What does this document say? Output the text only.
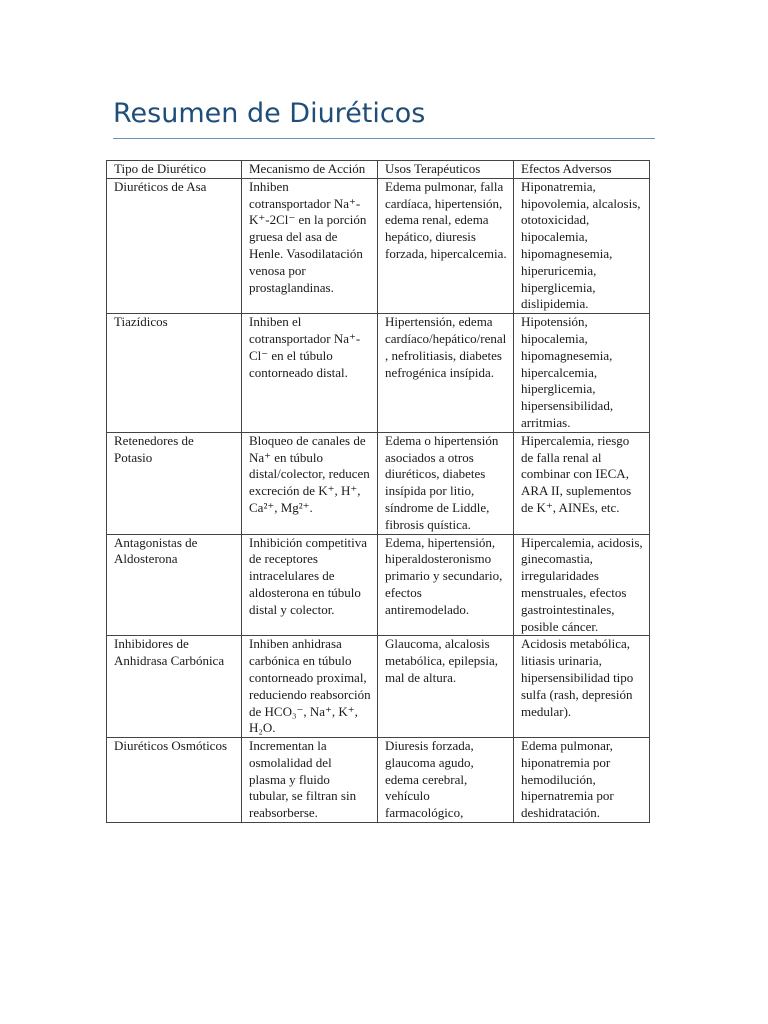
Resumen de Diuréticos
Tipo de Diurético	Mecanismo de Acción	Usos Terapéuticos	Efectos Adversos
Diuréticos de Asa	Inhiben cotransportador Na⁺-K⁺-2Cl⁻ en la porción gruesa del asa de Henle. Vasodilatación venosa por prostaglandinas.	Edema pulmonar, falla cardíaca, hipertensión, edema renal, edema hepático, diuresis forzada, hipercalcemia.	Hiponatremia, hipovolemia, alcalosis, ototoxicidad, hipocalemia, hipomagnesemia, hiperuricemia, hiperglicemia, dislipidemia.
Tiazídicos	Inhiben el cotransportador Na⁺-Cl⁻ en el túbulo contorneado distal.	Hipertensión, edema cardíaco/hepático/renal, nefrolitiasis, diabetes nefrogénica insípida.	Hipotensión, hipocalemia, hipomagnesemia, hipercalcemia, hiperglicemia, hipersensibilidad, arritmias.
Retenedores de Potasio	Bloqueo de canales de Na⁺ en túbulo distal/colector, reducen excreción de K⁺, H⁺, Ca²⁺, Mg²⁺.	Edema o hipertensión asociados a otros diuréticos, diabetes insípida por litio, síndrome de Liddle, fibrosis quística.	Hipercalemia, riesgo de falla renal al combinar con IECA, ARA II, suplementos de K⁺, AINEs, etc.
Antagonistas de Aldosterona	Inhibición competitiva de receptores intracelulares de aldosterona en túbulo distal y colector.	Edema, hipertensión, hiperaldosteronismo primario y secundario, efectos antiremodelado.	Hipercalemia, acidosis, ginecomastia, irregularidades menstruales, efectos gastrointestinales, posible cáncer.
Inhibidores de Anhidrasa Carbónica	Inhiben anhidrasa carbónica en túbulo contorneado proximal, reduciendo reabsorción de HCO₃⁻, Na⁺, K⁺, H₂O.	Glaucoma, alcalosis metabólica, epilepsia, mal de altura.	Acidosis metabólica, litiasis urinaria, hipersensibilidad tipo sulfa (rash, depresión medular).
Diuréticos Osmóticos	Incrementan la osmolalidad del plasma y fluido tubular, se filtran sin reabsorberse.	Diuresis forzada, glaucoma agudo, edema cerebral, vehículo farmacológico,	Edema pulmonar, hiponatremia por hemodilución, hipernatremia por deshidratación.
